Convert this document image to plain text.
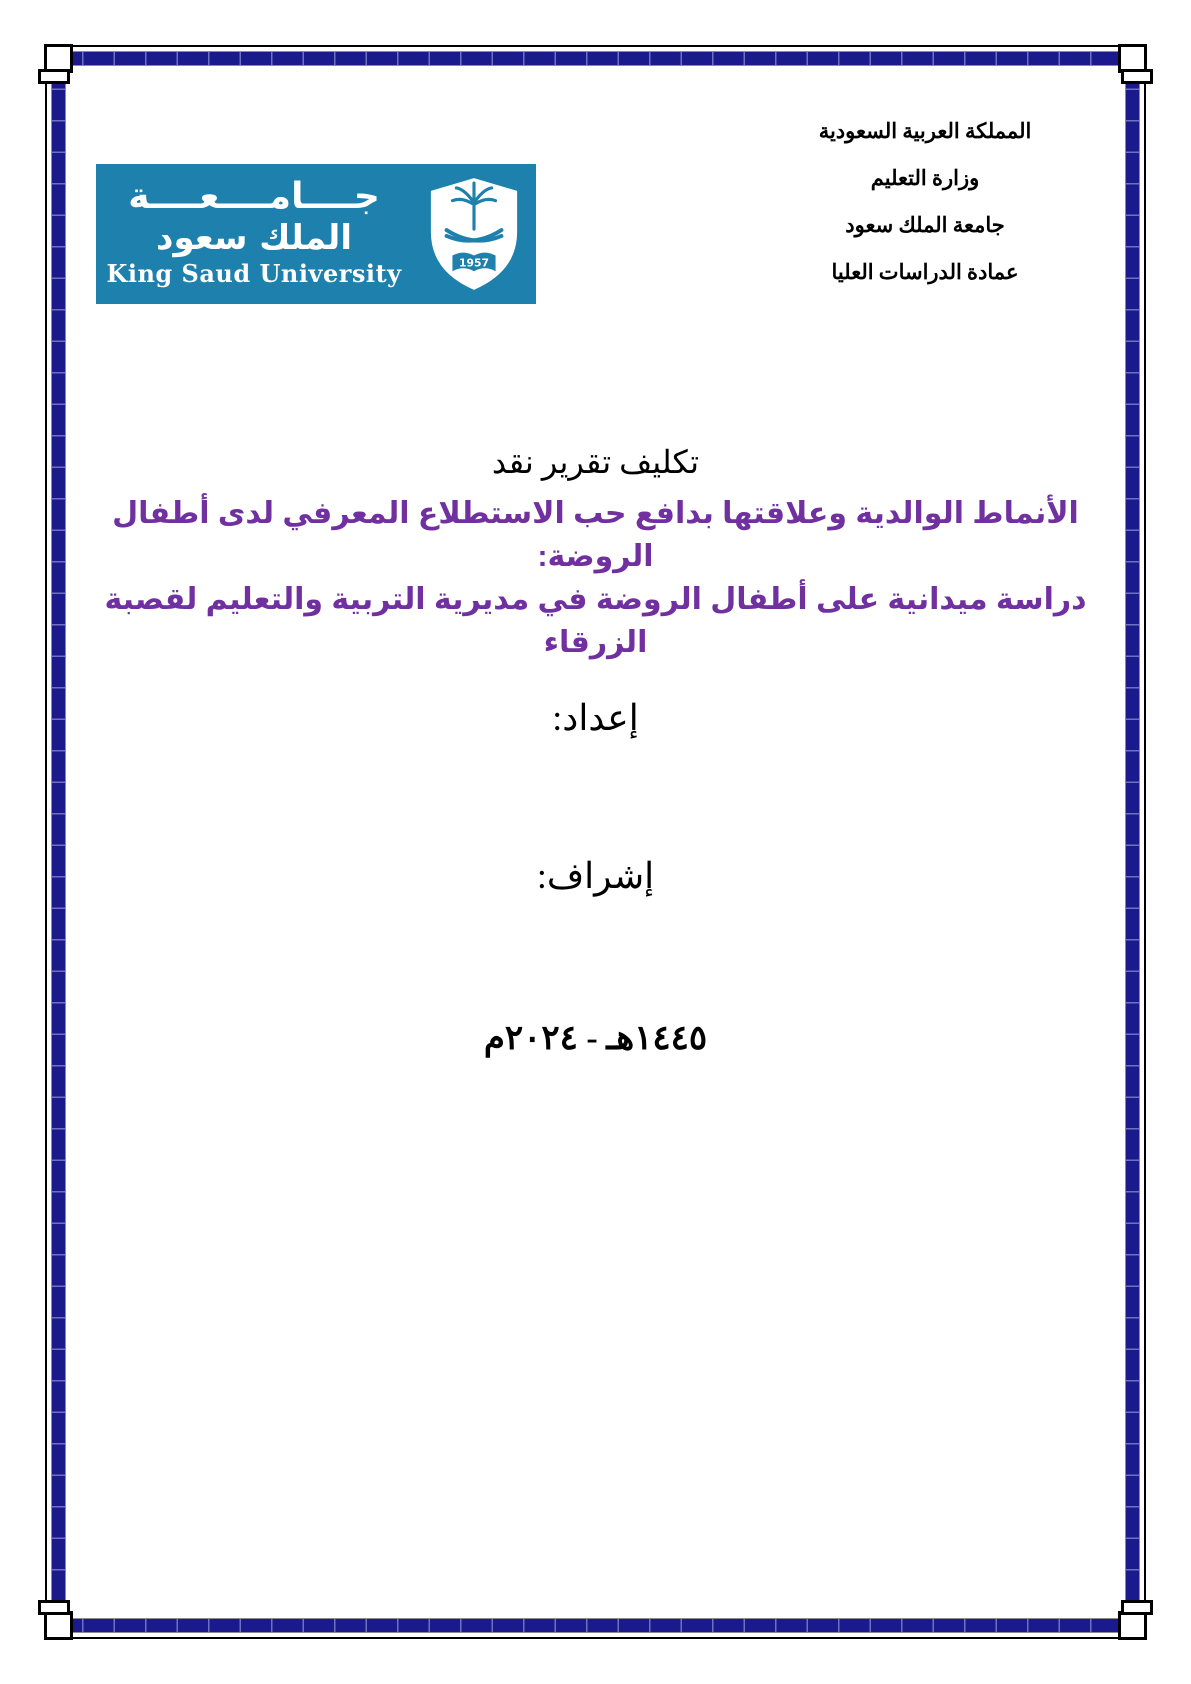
المملكة العربية السعودية
وزارة التعليم
جامعة الملك سعود
عمادة الدراسات العليا
جــــامــــعــــة
الملك سعود
King Saud University	1957
تكليف تقرير نقد
الأنماط الوالدية وعلاقتها بدافع حب الاستطلاع المعرفي لدى أطفال الروضة:
دراسة ميدانية على أطفال الروضة في مديرية التربية والتعليم لقصبة الزرقاء
إعداد:
إشراف:
١٤٤٥هـ - ٢٠٢٤م
